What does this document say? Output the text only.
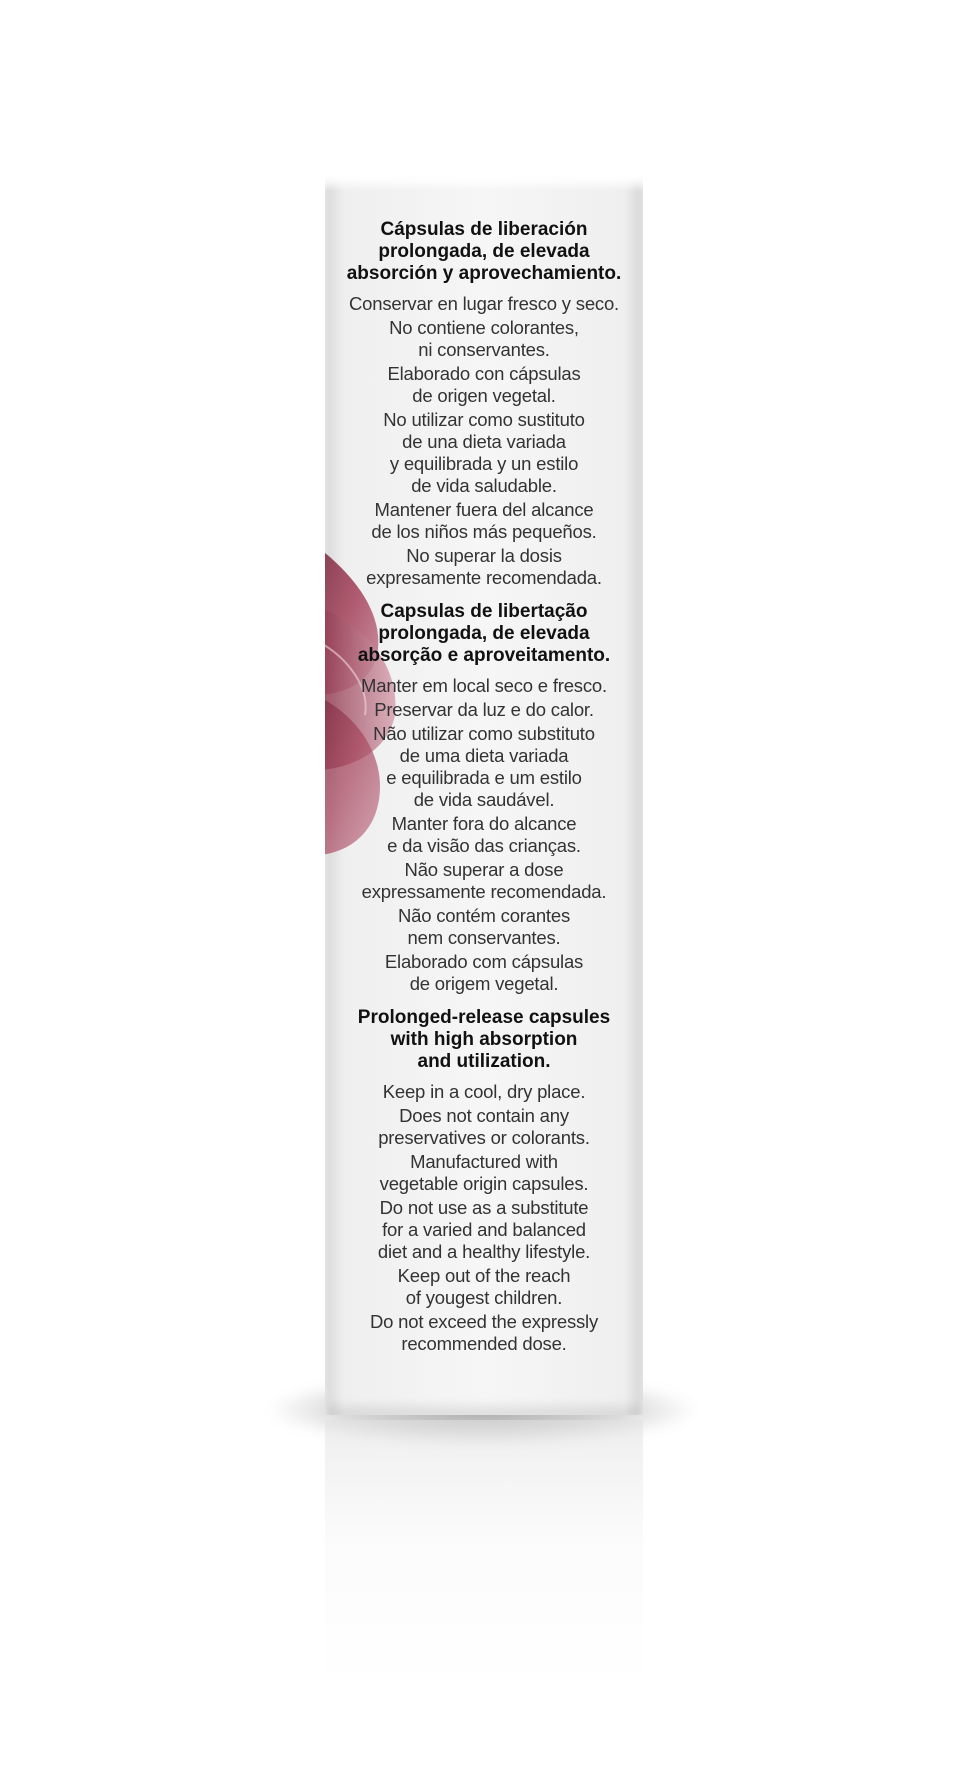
Cápsulas de liberación
prolongada, de elevada
absorción y aprovechamiento.
Conservar en lugar fresco y seco.
No contiene colorantes,
ni conservantes.
Elaborado con cápsulas
de origen vegetal.
No utilizar como sustituto
de una dieta variada
y equilibrada y un estilo
de vida saludable.
Mantener fuera del alcance
de los niños más pequeños.
No superar la dosis
expresamente recomendada.
Capsulas de libertação
prolongada, de elevada
absorção e aproveitamento.
Manter em local seco e fresco.
Preservar da luz e do calor.
Não utilizar como substituto
de uma dieta variada
e equilibrada e um estilo
de vida saudável.
Manter fora do alcance
e da visão das crianças.
Não superar a dose
expressamente recomendada.
Não contém corantes
nem conservantes.
Elaborado com cápsulas
de origem vegetal.
Prolonged-release capsules
with high absorption
and utilization.
Keep in a cool, dry place.
Does not contain any
preservatives or colorants.
Manufactured with
vegetable origin capsules.
Do not use as a substitute
for a varied and balanced
diet and a healthy lifestyle.
Keep out of the reach
of yougest children.
Do not exceed the expressly
recommended dose.
